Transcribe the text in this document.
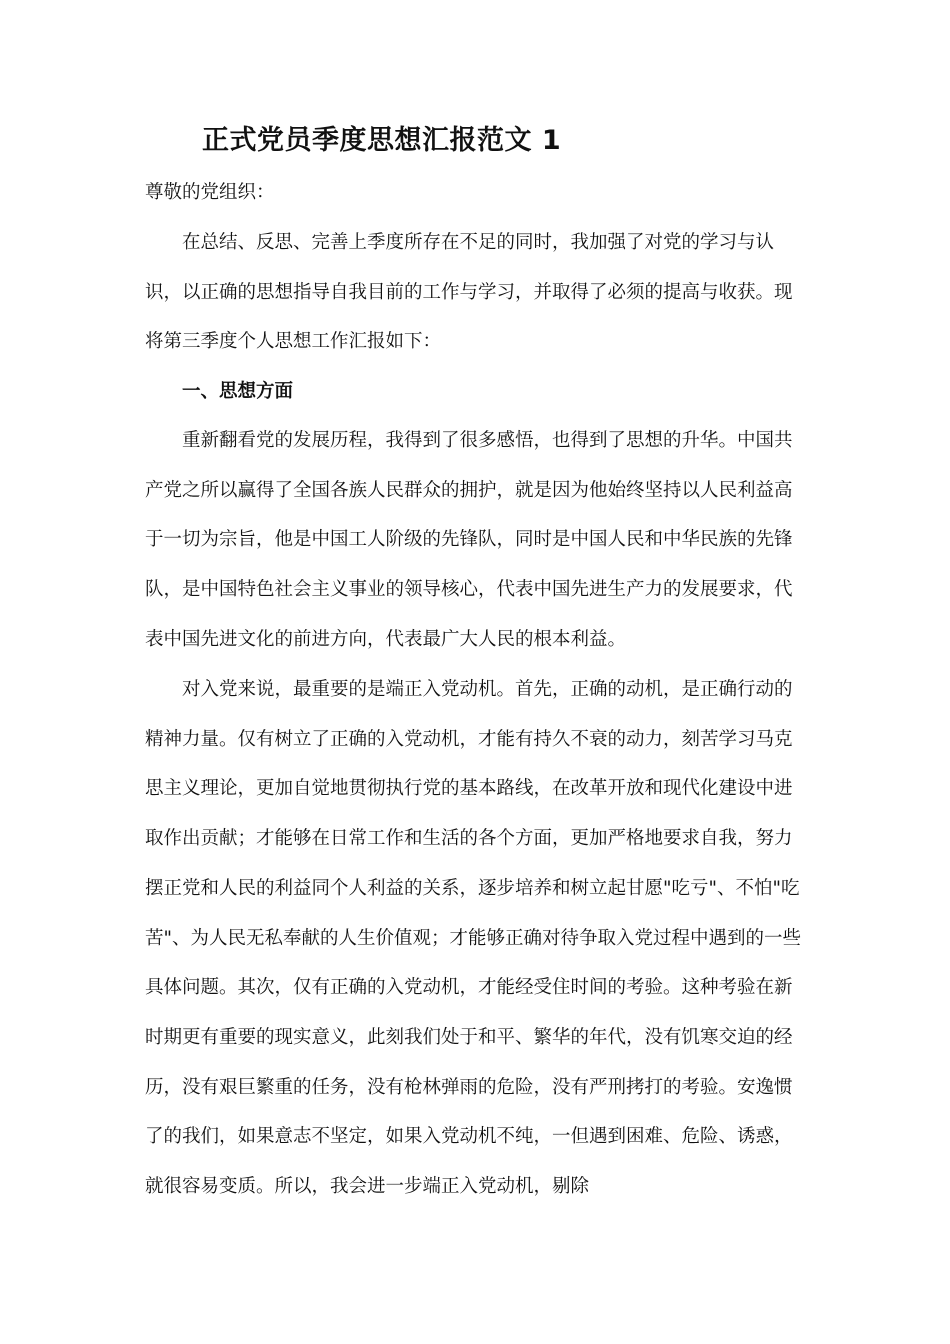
正式党员季度思想汇报范文 1

尊敬的党组织：

在总结、反思、完善上季度所存在不足的同时，我加强了对党的学习与认识，以正确的思想指导自我目前的工作与学习，并取得了必须的提高与收获。现将第三季度个人思想工作汇报如下：

一、思想方面

重新翻看党的发展历程，我得到了很多感悟，也得到了思想的升华。中国共产党之所以赢得了全国各族人民群众的拥护，就是因为他始终坚持以人民利益高于一切为宗旨，他是中国工人阶级的先锋队，同时是中国人民和中华民族的先锋队，是中国特色社会主义事业的领导核心，代表中国先进生产力的发展要求，代表中国先进文化的前进方向，代表最广大人民的根本利益。

对入党来说，最重要的是端正入党动机。首先，正确的动机，是正确行动的精神力量。仅有树立了正确的入党动机，才能有持久不衰的动力，刻苦学习马克思主义理论，更加自觉地贯彻执行党的基本路线，在改革开放和现代化建设中进取作出贡献；才能够在日常工作和生活的各个方面，更加严格地要求自我，努力摆正党和人民的利益同个人利益的关系，逐步培养和树立起甘愿"吃亏"、不怕"吃苦"、为人民无私奉献的人生价值观；才能够正确对待争取入党过程中遇到的一些具体问题。其次，仅有正确的入党动机，才能经受住时间的考验。这种考验在新时期更有重要的现实意义，此刻我们处于和平、繁华的年代，没有饥寒交迫的经历，没有艰巨繁重的任务，没有枪林弹雨的危险，没有严刑拷打的考验。安逸惯了的我们，如果意志不坚定，如果入党动机不纯，一但遇到困难、危险、诱惑，就很容易变质。所以，我会进一步端正入党动机，剔除
